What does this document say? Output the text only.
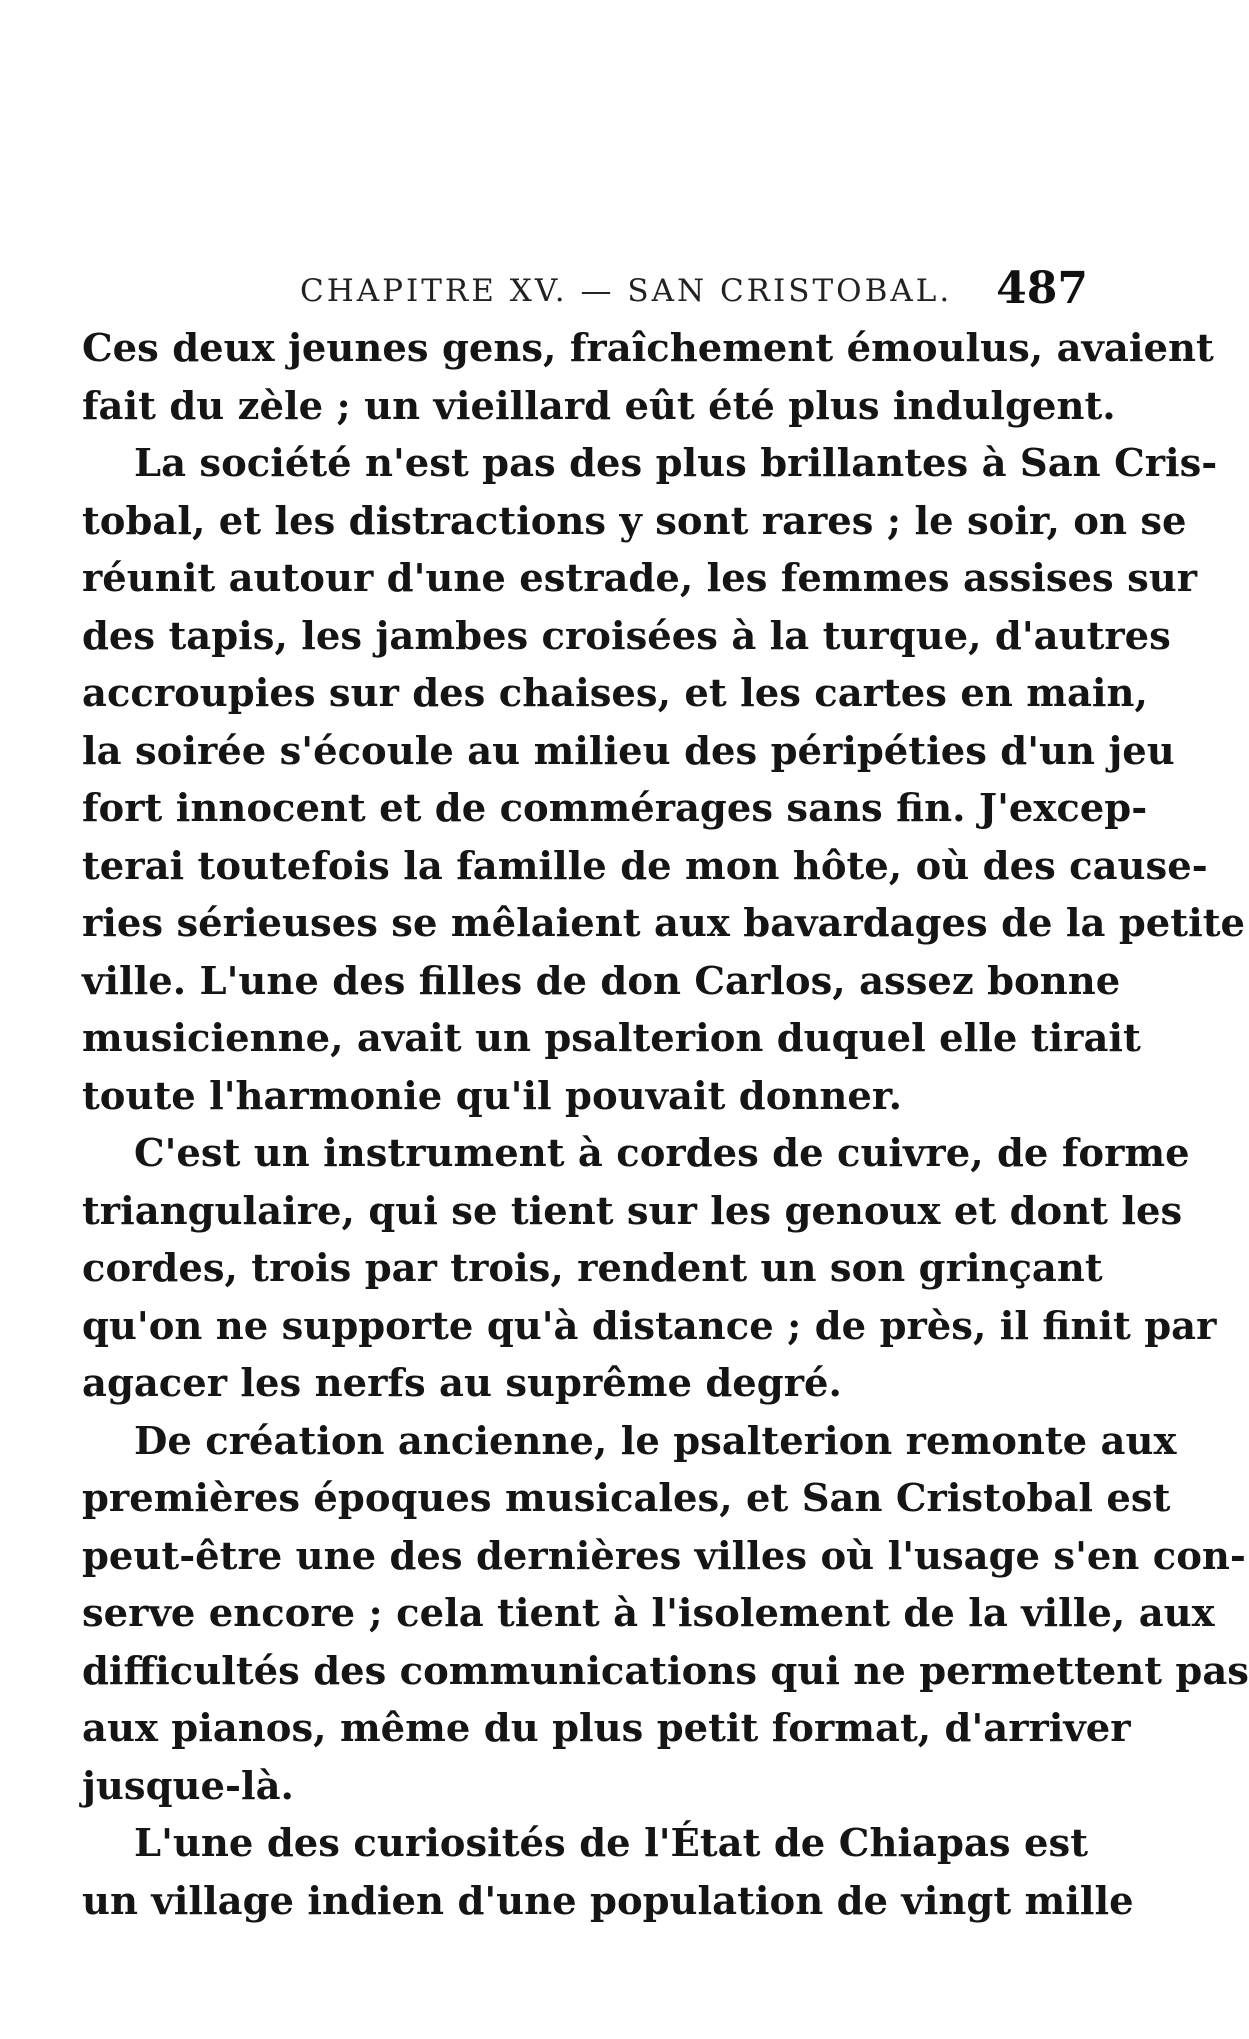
CHAPITRE XV. — SAN CRISTOBAL. 487
Ces deux jeunes gens, fraîchement émoulus, avaient
fait du zèle ; un vieillard eût été plus indulgent.
La société n'est pas des plus brillantes à San Cris-
tobal, et les distractions y sont rares ; le soir, on se
réunit autour d'une estrade, les femmes assises sur
des tapis, les jambes croisées à la turque, d'autres
accroupies sur des chaises, et les cartes en main,
la soirée s'écoule au milieu des péripéties d'un jeu
fort innocent et de commérages sans fin. J'excep-
terai toutefois la famille de mon hôte, où des cause-
ries sérieuses se mêlaient aux bavardages de la petite
ville. L'une des filles de don Carlos, assez bonne
musicienne, avait un psalterion duquel elle tirait
toute l'harmonie qu'il pouvait donner.
C'est un instrument à cordes de cuivre, de forme
triangulaire, qui se tient sur les genoux et dont les
cordes, trois par trois, rendent un son grinçant
qu'on ne supporte qu'à distance ; de près, il finit par
agacer les nerfs au suprême degré.
De création ancienne, le psalterion remonte aux
premières époques musicales, et San Cristobal est
peut-être une des dernières villes où l'usage s'en con-
serve encore ; cela tient à l'isolement de la ville, aux
difficultés des communications qui ne permettent pas
aux pianos, même du plus petit format, d'arriver
jusque-là.
L'une des curiosités de l'État de Chiapas est
un village indien d'une population de vingt mille
